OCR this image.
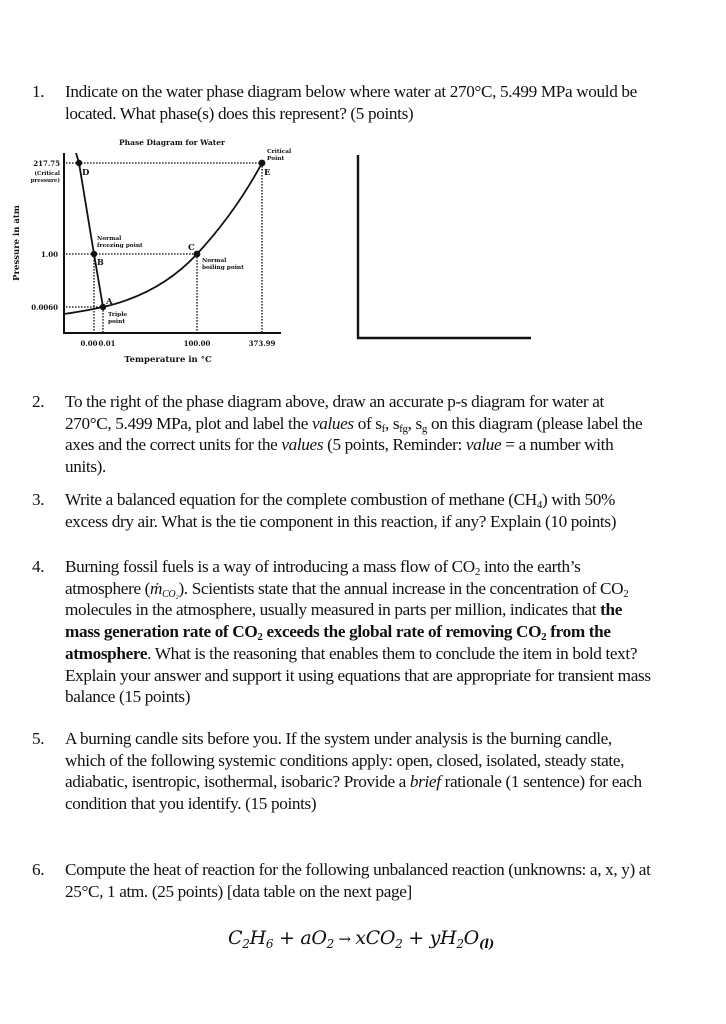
1. Indicate on the water phase diagram below where water at 270°C, 5.499 MPa would be
located. What phase(s) does this represent? (5 points)
Phase Diagram for Water
D	E
B
C
A
Critical
Point
Normal
freezing point
Normal
boiling point
Triple
point
217.75
(Critical
pressure)
1.00
0.0060
0.00 0.01	100.00	373.99
Temperature in °C
Pressure in atm
2. To the right of the phase diagram above, draw an accurate p-s diagram for water at
270°C, 5.499 MPa, plot and label the values of $s_f$, $s_{fg}$, $s_g$ on this diagram (please label the
axes and the correct units for the values (5 points, Reminder: value = a number with
units).
3. Write a balanced equation for the complete combustion of methane $(CH_4)$ with 50%
excess dry air. What is the tie component in this reaction, if any? Explain (10 points)
4. Burning fossil fuels is a way of introducing a mass flow of $CO_2$ into the earth’s
atmosphere (ṁ$_{CO_2}$). Scientists state that the annual increase in the concentration of $CO_2$
molecules in the atmosphere, usually measured in parts per million, indicates that the
mass generation rate of $CO_2$ exceeds the global rate of removing $CO_2$ from the
atmosphere. What is the reasoning that enables them to conclude the item in bold text?
Explain your answer and support it using equations that are appropriate for transient mass
balance (15 points)
5. A burning candle sits before you. If the system under analysis is the burning candle,
which of the following systemic conditions apply: open, closed, isolated, steady state,
adiabatic, isentropic, isothermal, isobaric? Provide a brief rationale (1 sentence) for each
condition that you identify. (15 points)
6. Compute the heat of reaction for the following unbalanced reaction (unknowns: a, x, y) at
25°C, 1 atm. (25 points) [data table on the next page]
$C_2H_6 + aO_2 \to xCO_2 + yH_2O_{(l)}$
